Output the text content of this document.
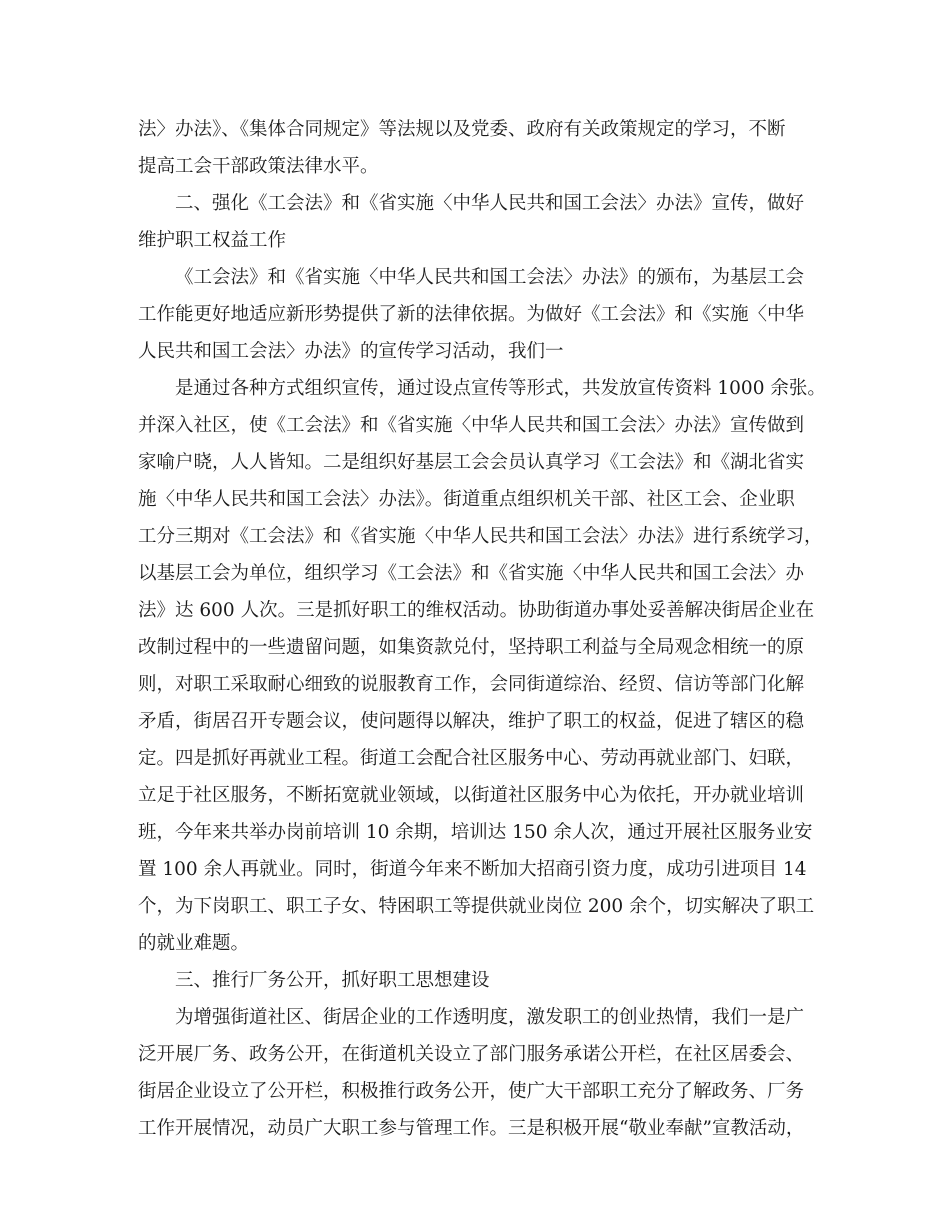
法〉办法》、《集体合同规定》等法规以及党委、政府有关政策规定的学习，不断
提高工会干部政策法律水平。
二、强化《工会法》和《省实施〈中华人民共和国工会法〉办法》宣传，做好
维护职工权益工作
《工会法》和《省实施〈中华人民共和国工会法〉办法》的颁布，为基层工会
工作能更好地适应新形势提供了新的法律依据。为做好《工会法》和《实施〈中华
人民共和国工会法〉办法》的宣传学习活动，我们一
是通过各种方式组织宣传，通过设点宣传等形式，共发放宣传资料 1000 余张。
并深入社区，使《工会法》和《省实施〈中华人民共和国工会法〉办法》宣传做到
家喻户晓，人人皆知。二是组织好基层工会会员认真学习《工会法》和《湖北省实
施〈中华人民共和国工会法〉办法》。街道重点组织机关干部、社区工会、企业职
工分三期对《工会法》和《省实施〈中华人民共和国工会法〉办法》进行系统学习，
以基层工会为单位，组织学习《工会法》和《省实施〈中华人民共和国工会法〉办
法》达 600 人次。三是抓好职工的维权活动。协助街道办事处妥善解决街居企业在
改制过程中的一些遗留问题，如集资款兑付，坚持职工利益与全局观念相统一的原
则，对职工采取耐心细致的说服教育工作，会同街道综治、经贸、信访等部门化解
矛盾，街居召开专题会议，使问题得以解决，维护了职工的权益，促进了辖区的稳
定。四是抓好再就业工程。街道工会配合社区服务中心、劳动再就业部门、妇联，
立足于社区服务，不断拓宽就业领域，以街道社区服务中心为依托，开办就业培训
班，今年来共举办岗前培训 10 余期，培训达 150 余人次，通过开展社区服务业安
置 100 余人再就业。同时，街道今年来不断加大招商引资力度，成功引进项目 14
个，为下岗职工、职工子女、特困职工等提供就业岗位 200 余个，切实解决了职工
的就业难题。
三、推行厂务公开，抓好职工思想建设
为增强街道社区、街居企业的工作透明度，激发职工的创业热情，我们一是广
泛开展厂务、政务公开，在街道机关设立了部门服务承诺公开栏，在社区居委会、
街居企业设立了公开栏，积极推行政务公开，使广大干部职工充分了解政务、厂务
工作开展情况，动员广大职工参与管理工作。三是积极开展“敬业奉献”宣教活动，
